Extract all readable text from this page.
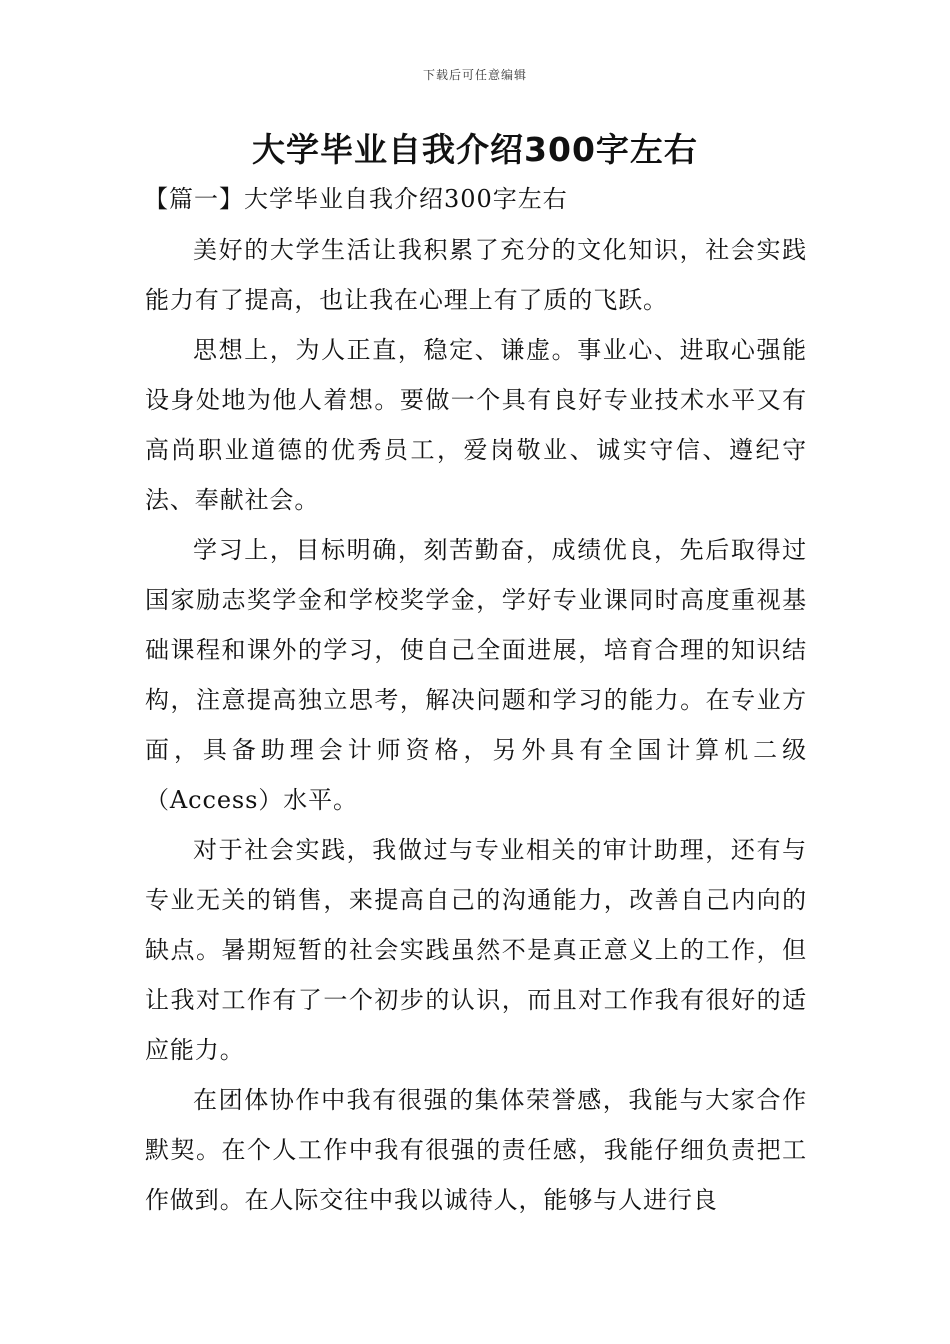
下载后可任意编辑
大学毕业自我介绍300字左右
【篇一】大学毕业自我介绍300字左右

美好的大学生活让我积累了充分的文化知识，社会实践能力有了提高，也让我在心理上有了质的飞跃。

思想上，为人正直，稳定、谦虚。事业心、进取心强能设身处地为他人着想。要做一个具有良好专业技术水平又有高尚职业道德的优秀员工，爱岗敬业、诚实守信、遵纪守法、奉献社会。

学习上，目标明确，刻苦勤奋，成绩优良，先后取得过国家励志奖学金和学校奖学金，学好专业课同时高度重视基础课程和课外的学习，使自己全面进展，培育合理的知识结构，注意提高独立思考，解决问题和学习的能力。在专业方面，具备助理会计师资格，另外具有全国计算机二级（Access）水平。

对于社会实践，我做过与专业相关的审计助理，还有与专业无关的销售，来提高自己的沟通能力，改善自己内向的缺点。暑期短暂的社会实践虽然不是真正意义上的工作，但让我对工作有了一个初步的认识，而且对工作我有很好的适应能力。

在团体协作中我有很强的集体荣誉感，我能与大家合作默契。在个人工作中我有很强的责任感，我能仔细负责把工作做到。在人际交往中我以诚待人，能够与人进行良
